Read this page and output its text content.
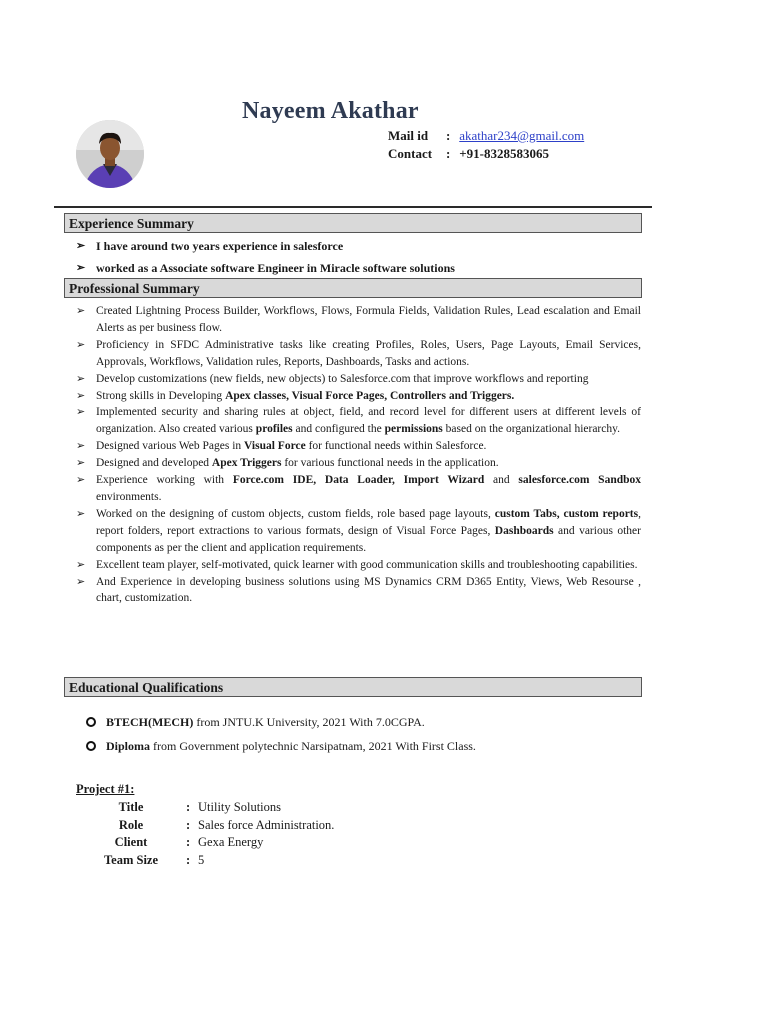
Nayeem Akathar
Mail id : akathar234@gmail.com
Contact : +91-8328583065
Experience Summary
➢ I have around two years experience in salesforce
➢ worked as a Associate software Engineer in Miracle software solutions
Professional Summary
➢ Created Lightning Process Builder, Workflows, Flows, Formula Fields, Validation Rules, Lead escalation and Email Alerts as per business flow.
➢ Proficiency in SFDC Administrative tasks like creating Profiles, Roles, Users, Page Layouts, Email Services, Approvals, Workflows, Validation rules, Reports, Dashboards, Tasks and actions.
➢ Develop customizations (new fields, new objects) to Salesforce.com that improve workflows and reporting
➢ Strong skills in Developing Apex classes, Visual Force Pages, Controllers and Triggers.
➢ Implemented security and sharing rules at object, field, and record level for different users at different levels of organization. Also created various profiles and configured the permissions based on the organizational hierarchy.
➢ Designed various Web Pages in Visual Force for functional needs within Salesforce.
➢ Designed and developed Apex Triggers for various functional needs in the application.
➢ Experience working with Force.com IDE, Data Loader, Import Wizard and salesforce.com Sandbox environments.
➢ Worked on the designing of custom objects, custom fields, role based page layouts, custom Tabs, custom reports, report folders, report extractions to various formats, design of Visual Force Pages, Dashboards and various other components as per the client and application requirements.
➢ Excellent team player, self-motivated, quick learner with good communication skills and troubleshooting capabilities.
➢ And Experience in developing business solutions using MS Dynamics CRM D365 Entity, Views, Web Resourse , chart, customization.
Educational Qualifications
BTECH(MECH) from JNTU.K University, 2021 With 7.0CGPA.
Diploma from Government polytechnic Narsipatnam, 2021 With First Class.
Project #1:
Title	: Utility Solutions
Role	: Sales force Administration.
Client	: Gexa Energy
Team Size : 5
